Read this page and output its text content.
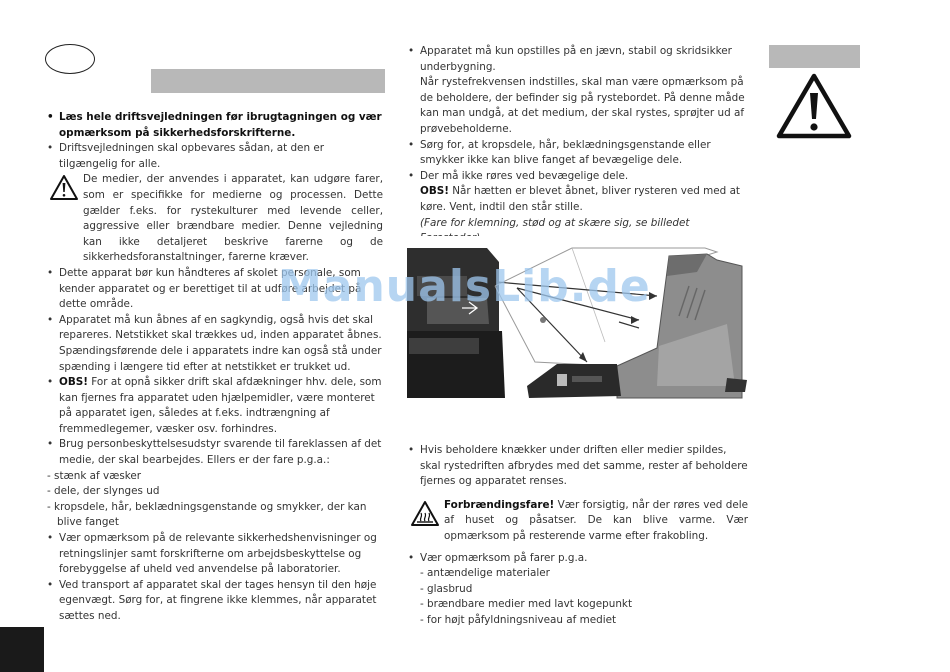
• Læs hele driftsvejledningen før ibrugtagningen og vær opmærksom på sikkerhedsforskrifterne.

• Driftsvejledningen skal opbevares sådan, at den er tilgængelig for alle.

De medier, der anvendes i apparatet, kan udgøre farer, som er specifikke for medierne og processen. Dette gælder f.eks. for rystekulturer med levende celler, aggressive eller brændbare medier. Denne vejledning kan ikke detaljeret beskrive farerne og de sikkerhedsforanstaltninger, farerne kræver.

• Dette apparat bør kun håndteres af skolet personale, som kender apparatet og er berettiget til at udføre arbejdet på dette område.

• Apparatet må kun åbnes af en sagkyndig, også hvis det skal repareres. Netstikket skal trækkes ud, inden apparatet åbnes. Spændingsførende dele i apparatets indre kan også stå under spænding i længere tid efter at netstikket er trukket ud.

• OBS! For at opnå sikker drift skal afdækninger hhv. dele, som kan fjernes fra apparatet uden hjælpemidler, være monteret på apparatet igen, således at f.eks. indtrængning af fremmedlegemer, væsker osv. forhindres.

• Brug personbeskyttelsesudstyr svarende til fareklassen af det medie, der skal bearbejdes. Ellers er der fare p.g.a.:

- stænk af væsker

- dele, der slynges ud

- kropsdele, hår, beklædningsgenstande og smykker, der kan blive fanget

• Vær opmærksom på de relevante sikkerhedshenvisninger og retningslinjer samt forskrifterne om arbejdsbeskyttelse og forebyggelse af uheld ved anvendelse på laboratorier.

• Ved transport af apparatet skal der tages hensyn til den høje egenvægt. Sørg for, at fingrene ikke klemmes, når apparatet sættes ned.

• Apparatet må kun opstilles på en jævn, stabil og skridsikker underbygning.

Når rystefrekvensen indstilles, skal man være opmærksom på de beholdere, der befinder sig på rystebordet. På denne måde kan man undgå, at det medium, der skal rystes, sprøjter ud af prøvebeholderne.

• Sørg for, at kropsdele, hår, beklædningsgenstande eller smykker ikke kan blive fanget af bevægelige dele.

• Der må ikke røres ved bevægelige dele.

OBS! Når hætten er blevet åbnet, bliver rysteren ved med at køre. Vent, indtil den står stille.

(Fare for klemning, stød og at skære sig, se billedet

ManualsLib.de

• Hvis beholdere knækker under driften eller medier spildes, skal rystedriften afbrydes med det samme, rester af beholdere fjernes og apparatet renses.

Forbrændingsfare! Vær forsigtig, når der røres ved dele af huset og påsatser. De kan blive varme. Vær opmærksom på resterende varme efter frakobling.

• Vær opmærksom på farer p.g.a.

- antændelige materialer

- glasbrud

- brændbare medier med lavt kogepunkt

- for højt påfyldningsniveau af mediet
